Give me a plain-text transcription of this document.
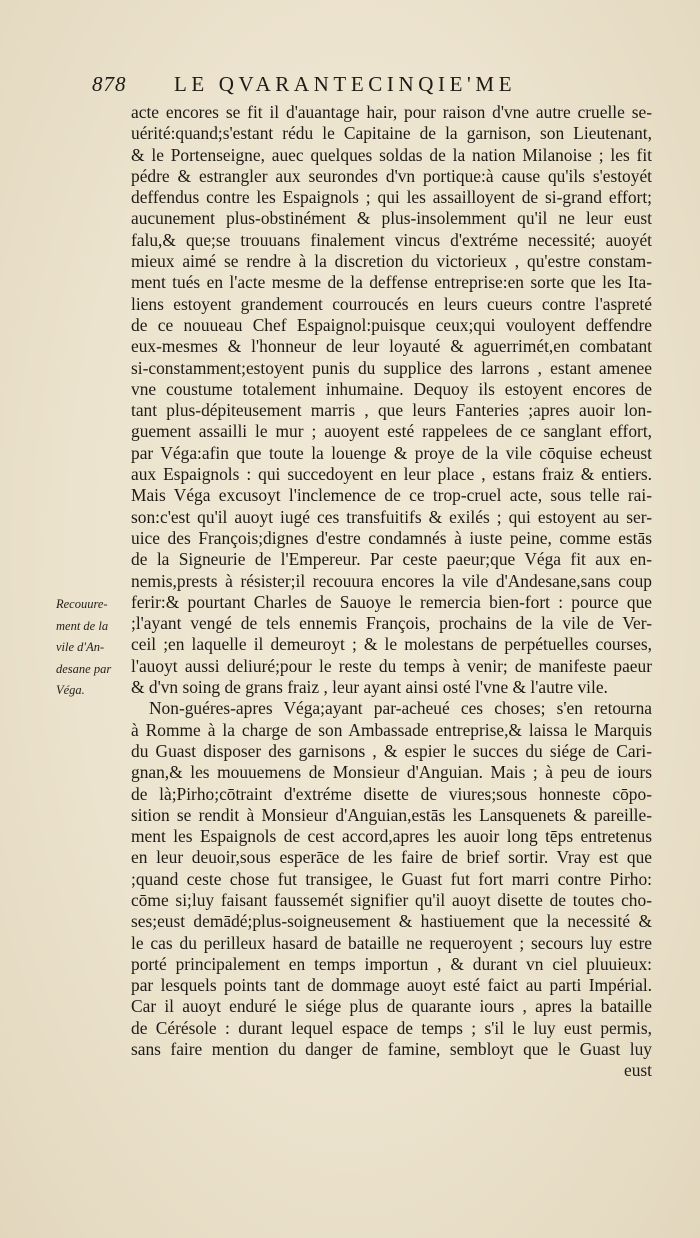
878 LE QVARANTECINQIE'ME
Recouure-
ment de la
vile d'An-
desane par
Véga.
acte encores se fit il d'auantage hair, pour raison d'vne autre cruelle se-
uérité:quand;s'estant rédu le Capitaine de la garnison, son Lieutenant,
& le Portenseigne, auec quelques soldas de la nation Milanoise ; les fit
pédre & estrangler aux seurondes d'vn portique:à cause qu'ils s'estoyét
deffendus contre les Espaignols ; qui les assailloyent de si-grand effort;
aucunement plus-obstinément & plus-insolemment qu'il ne leur eust
falu,& que;se trouuans finalement vincus d'extréme necessité; auoyét
mieux aimé se rendre à la discretion du victorieux , qu'estre constam-
ment tués en l'acte mesme de la deffense entreprise:en sorte que les Ita-
liens estoyent grandement courroucés en leurs cueurs contre l'aspreté
de ce nouueau Chef Espaignol:puisque ceux;qui vouloyent deffendre
eux-mesmes & l'honneur de leur loyauté & aguerrimét,en combatant
si-constamment;estoyent punis du supplice des larrons , estant amenee
vne coustume totalement inhumaine. Dequoy ils estoyent encores de
tant plus-dépiteusement marris , que leurs Fanteries ;apres auoir lon-
guement assailli le mur ; auoyent esté rappelees de ce sanglant effort,
par Véga:afin que toute la louenge & proye de la vile cōquise echeust
aux Espaignols : qui succedoyent en leur place , estans fraiz & entiers.
Mais Véga excusoyt l'inclemence de ce trop-cruel acte, sous telle rai-
son:c'est qu'il auoyt iugé ces transfuitifs & exilés ; qui estoyent au ser-
uice des François;dignes d'estre condamnés à iuste peine, comme estās
de la Signeurie de l'Empereur. Par ceste paeur;que Véga fit aux en-
nemis,prests à résister;il recouura encores la vile d'Andesane,sans coup
ferir:& pourtant Charles de Sauoye le remercia bien-fort : pource que
;l'ayant vengé de tels ennemis François, prochains de la vile de Ver-
ceil ;en laquelle il demeuroyt ; & le molestans de perpétuelles courses,
l'auoyt aussi deliuré;pour le reste du temps à venir; de manifeste paeur
& d'vn soing de grans fraiz , leur ayant ainsi osté l'vne & l'autre vile.
Non-guéres-apres Véga;ayant par-acheué ces choses; s'en retourna
à Romme à la charge de son Ambassade entreprise,& laissa le Marquis
du Guast disposer des garnisons , & espier le succes du siége de Cari-
gnan,& les mouuemens de Monsieur d'Anguian. Mais ; à peu de iours
de là;Pirho;cōtraint d'extréme disette de viures;sous honneste cōpo-
sition se rendit à Monsieur d'Anguian,estās les Lansquenets & pareille-
ment les Espaignols de cest accord,apres les auoir long tēps entretenus
en leur deuoir,sous esperāce de les faire de brief sortir. Vray est que
;quand ceste chose fut transigee, le Guast fut fort marri contre Pirho:
cōme si;luy faisant faussemét signifier qu'il auoyt disette de toutes cho-
ses;eust demādé;plus-soigneusement & hastiuement que la necessité &
le cas du perilleux hasard de bataille ne requeroyent ; secours luy estre
porté principalement en temps importun , & durant vn ciel pluuieux:
par lesquels points tant de dommage auoyt esté faict au parti Impérial.
Car il auoyt enduré le siége plus de quarante iours , apres la bataille
de Cérésole : durant lequel espace de temps ; s'il le luy eust permis,
sans faire mention du danger de famine, sembloyt que le Guast luy
eust
